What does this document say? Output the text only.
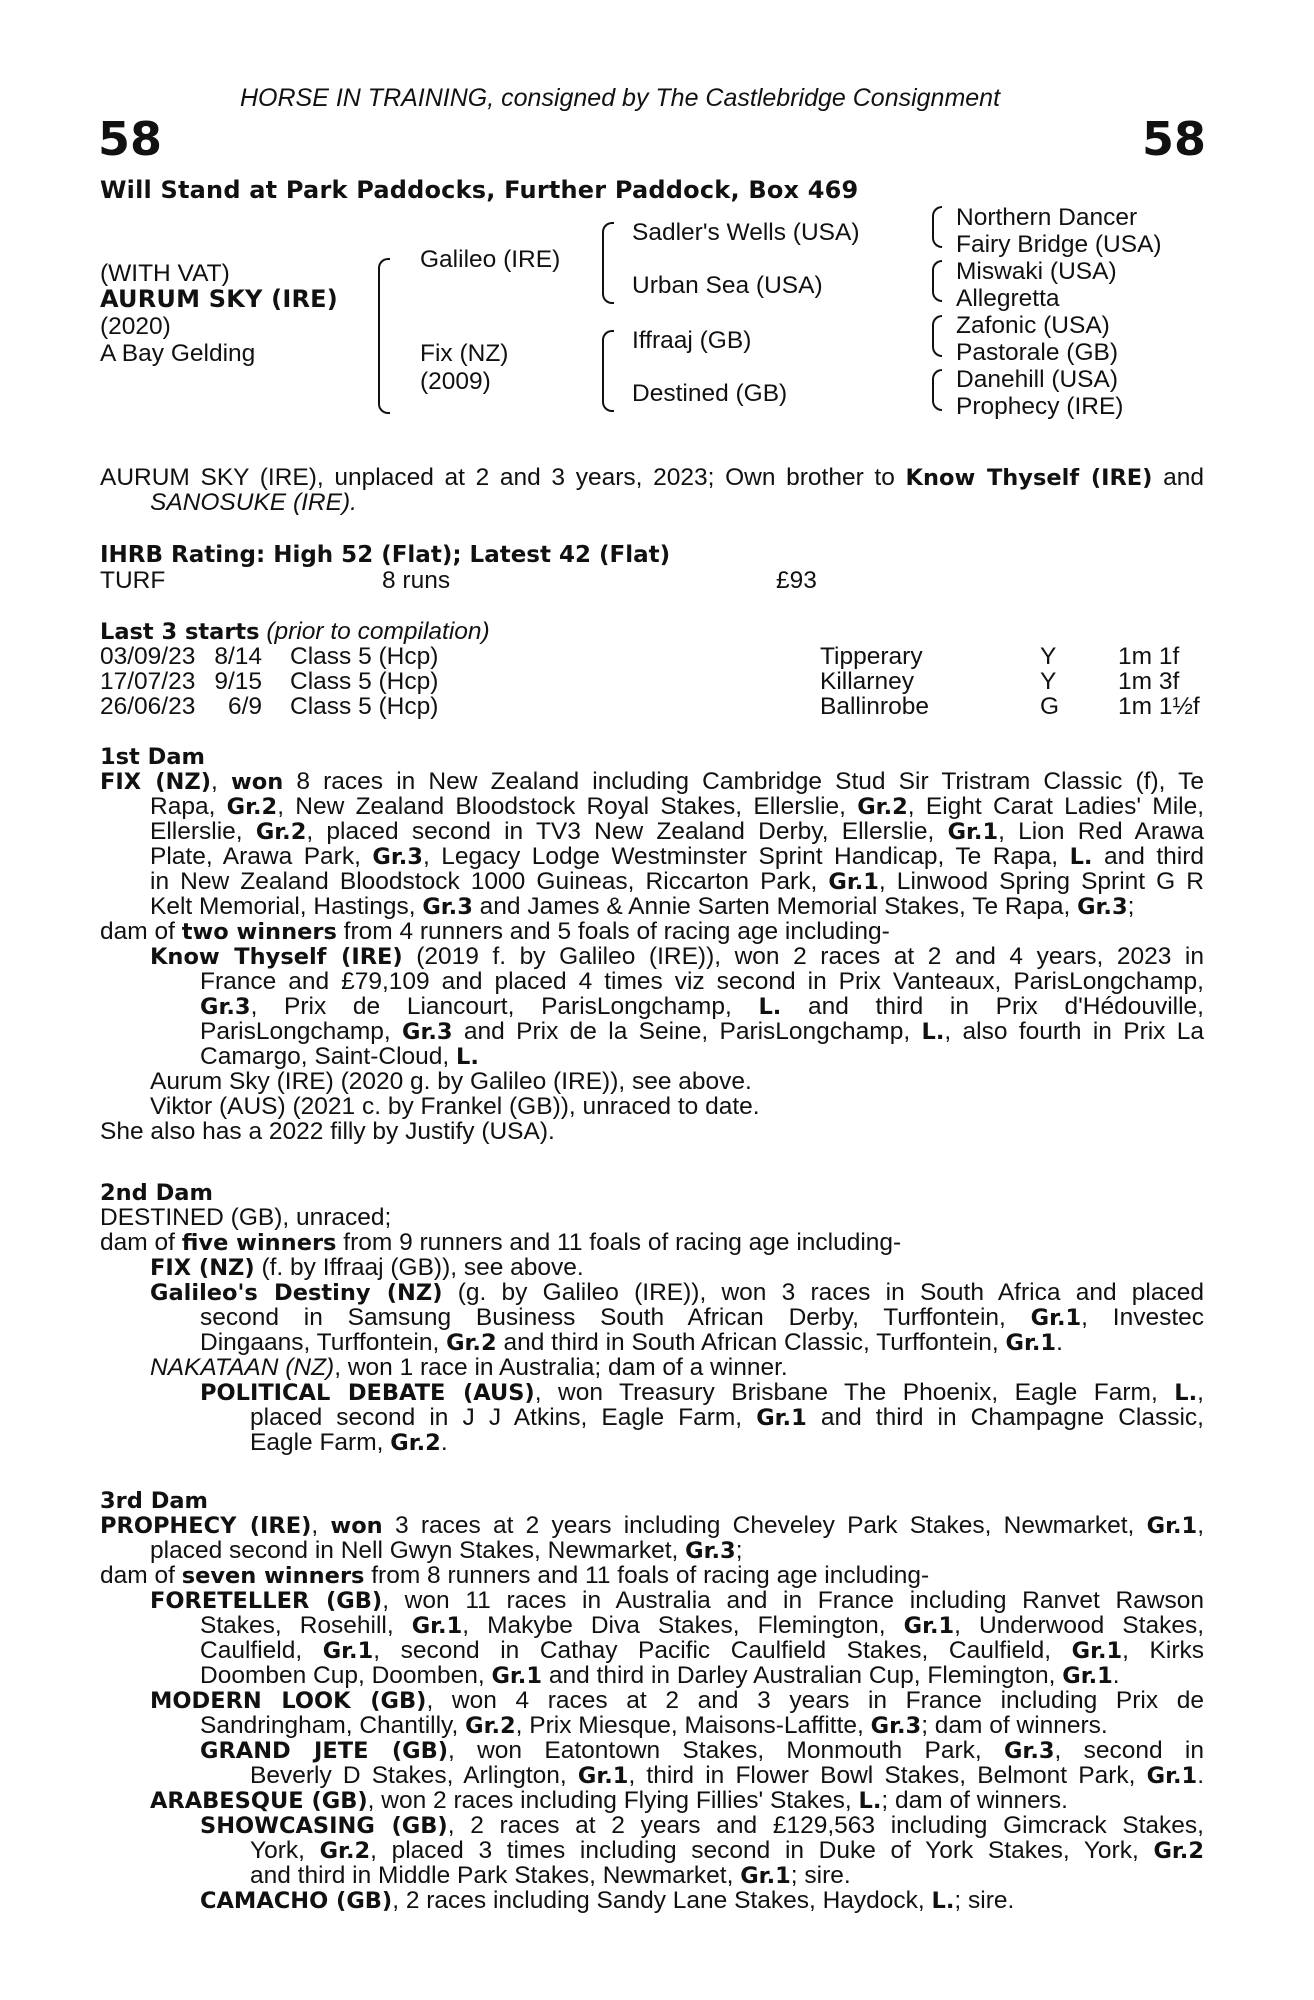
HORSE IN TRAINING, consigned by The Castlebridge Consignment
58	58
Will Stand at Park Paddocks, Further Paddock, Box 469
(WITH VAT)
AURUM SKY (IRE)
(2020)
A Bay Gelding
Galileo (IRE)
Fix (NZ)
(2009)
Sadler's Wells (USA)
Urban Sea (USA)
Iffraaj (GB)
Destined (GB)
Northern Dancer
Fairy Bridge (USA)
Miswaki (USA)
Allegretta
Zafonic (USA)
Pastorale (GB)
Danehill (USA)
Prophecy (IRE)
AURUM SKY (IRE), unplaced at 2 and 3 years, 2023; Own brother to Know Thyself (IRE) and
SANOSUKE (IRE).
IHRB Rating: High 52 (Flat); Latest 42 (Flat)
TURF	8 runs	£93
Last 3 starts (prior to compilation)
03/09/23 8/14 Class 5 (Hcp)	Tipperary	Y	1m 1f
17/07/23 9/15 Class 5 (Hcp)	Killarney	Y	1m 3f
26/06/23 6/9 Class 5 (Hcp)	Ballinrobe	G 1m 1½f
1st Dam
FIX (NZ), won 8 races in New Zealand including Cambridge Stud Sir Tristram Classic (f), Te
Rapa, Gr.2, New Zealand Bloodstock Royal Stakes, Ellerslie, Gr.2, Eight Carat Ladies' Mile,
Ellerslie, Gr.2, placed second in TV3 New Zealand Derby, Ellerslie, Gr.1, Lion Red Arawa
Plate, Arawa Park, Gr.3, Legacy Lodge Westminster Sprint Handicap, Te Rapa, L. and third
in New Zealand Bloodstock 1000 Guineas, Riccarton Park, Gr.1, Linwood Spring Sprint G R
Kelt Memorial, Hastings, Gr.3 and James & Annie Sarten Memorial Stakes, Te Rapa, Gr.3;
dam of two winners from 4 runners and 5 foals of racing age including-
Know Thyself (IRE) (2019 f. by Galileo (IRE)), won 2 races at 2 and 4 years, 2023 in
France and £79,109 and placed 4 times viz second in Prix Vanteaux, ParisLongchamp,
Gr.3, Prix de Liancourt, ParisLongchamp, L. and third in Prix d'Hédouville,
ParisLongchamp, Gr.3 and Prix de la Seine, ParisLongchamp, L., also fourth in Prix La
Camargo, Saint-Cloud, L.
Aurum Sky (IRE) (2020 g. by Galileo (IRE)), see above.
Viktor (AUS) (2021 c. by Frankel (GB)), unraced to date.
She also has a 2022 filly by Justify (USA).
2nd Dam
DESTINED (GB), unraced;
dam of five winners from 9 runners and 11 foals of racing age including-
FIX (NZ) (f. by Iffraaj (GB)), see above.
Galileo's Destiny (NZ) (g. by Galileo (IRE)), won 3 races in South Africa and placed
second in Samsung Business South African Derby, Turffontein, Gr.1, Investec
Dingaans, Turffontein, Gr.2 and third in South African Classic, Turffontein, Gr.1.
NAKATAAN (NZ), won 1 race in Australia; dam of a winner.
POLITICAL DEBATE (AUS), won Treasury Brisbane The Phoenix, Eagle Farm, L.,
placed second in J J Atkins, Eagle Farm, Gr.1 and third in Champagne Classic,
Eagle Farm, Gr.2.
3rd Dam
PROPHECY (IRE), won 3 races at 2 years including Cheveley Park Stakes, Newmarket, Gr.1,
placed second in Nell Gwyn Stakes, Newmarket, Gr.3;
dam of seven winners from 8 runners and 11 foals of racing age including-
FORETELLER (GB), won 11 races in Australia and in France including Ranvet Rawson
Stakes, Rosehill, Gr.1, Makybe Diva Stakes, Flemington, Gr.1, Underwood Stakes,
Caulfield, Gr.1, second in Cathay Pacific Caulfield Stakes, Caulfield, Gr.1, Kirks
Doomben Cup, Doomben, Gr.1 and third in Darley Australian Cup, Flemington, Gr.1.
MODERN LOOK (GB), won 4 races at 2 and 3 years in France including Prix de
Sandringham, Chantilly, Gr.2, Prix Miesque, Maisons-Laffitte, Gr.3; dam of winners.
GRAND JETE (GB), won Eatontown Stakes, Monmouth Park, Gr.3, second in
Beverly D Stakes, Arlington, Gr.1, third in Flower Bowl Stakes, Belmont Park, Gr.1.
ARABESQUE (GB), won 2 races including Flying Fillies' Stakes, L.; dam of winners.
SHOWCASING (GB), 2 races at 2 years and £129,563 including Gimcrack Stakes,
York, Gr.2, placed 3 times including second in Duke of York Stakes, York, Gr.2
and third in Middle Park Stakes, Newmarket, Gr.1; sire.
CAMACHO (GB), 2 races including Sandy Lane Stakes, Haydock, L.; sire.
